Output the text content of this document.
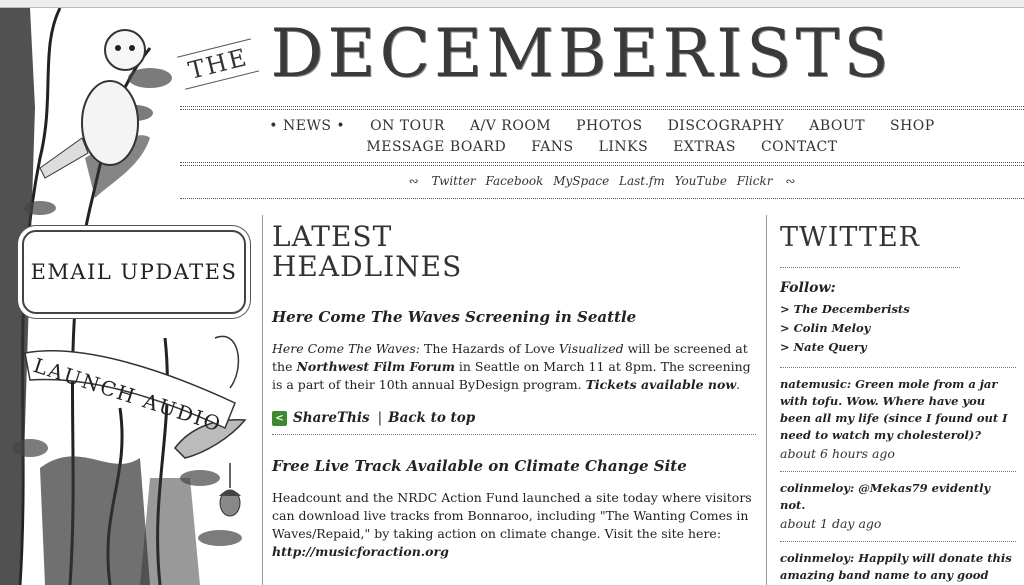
EMAIL UPDATES
LAUNCH AUDIO
THE DECEMBERISTS
• NEWS • ON TOUR A/V ROOM PHOTOS DISCOGRAPHY ABOUT SHOP
MESSAGE BOARD FANS LINKS EXTRAS CONTACT
∾ Twitter Facebook MySpace Last.fm YouTube Flickr ∾
LATEST
HEADLINES
Here Come The Waves Screening in Seattle

Here Come The Waves: The Hazards of Love Visualized will be screened at the Northwest Film Forum in Seattle on March 11 at 8pm. The screening is a part of their 10th annual ByDesign program. Tickets available now.

< ShareThis | Back to top
Free Live Track Available on Climate Change Site

Headcount and the NRDC Action Fund launched a site today where visitors can download live tracks from Bonnaroo, including "The Wanting Comes in Waves/Repaid," by taking action on climate change. Visit the site here: http://musicforaction.org

TWITTER
Follow:
> The Decemberists
> Colin Meloy
> Nate Query
natemusic: Green mole from a jar with tofu. Wow. Where have you been all my life (since I found out I need to watch my cholesterol)?
about 6 hours ago
colinmeloy: @Mekas79 evidently not.
about 1 day ago
colinmeloy: Happily will donate this amazing band name to any good
